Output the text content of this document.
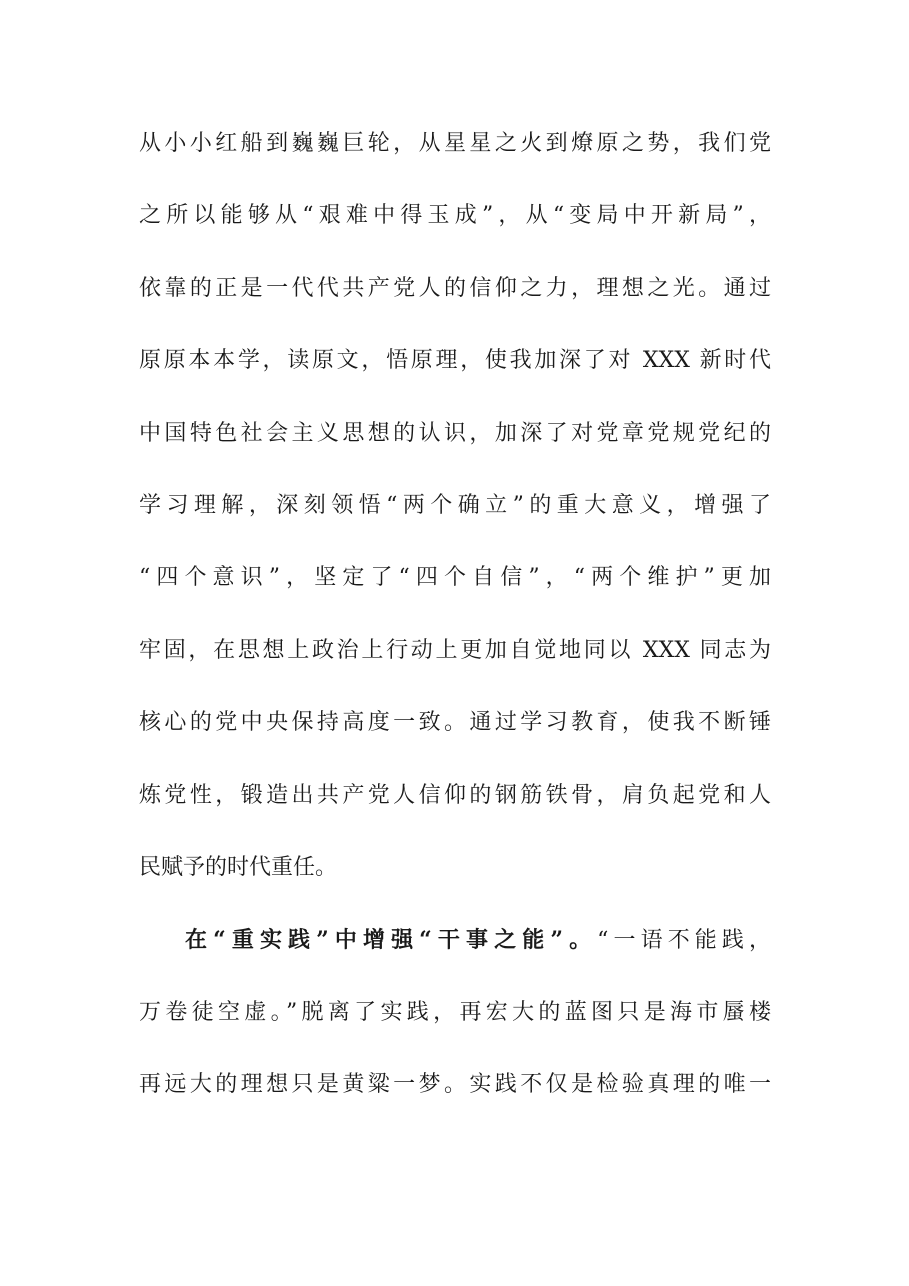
从小小红船到巍巍巨轮，从星星之火到燎原之势，我们党
之所以能够从“艰难中得玉成”，从“变局中开新局”，
依靠的正是一代代共产党人的信仰之力，理想之光。通过
原原本本学，读原文，悟原理，使我加深了对 XXX 新时代
中国特色社会主义思想的认识，加深了对党章党规党纪的
学习理解，深刻领悟“两个确立”的重大意义，增强了
“四个意识”，坚定了“四个自信”，“两个维护”更加
牢固，在思想上政治上行动上更加自觉地同以 XXX 同志为
核心的党中央保持高度一致。通过学习教育，使我不断锤
炼党性，锻造出共产党人信仰的钢筋铁骨，肩负起党和人
民赋予的时代重任。
在“重实践”中增强“干事之能”。“一语不能践，
万卷徒空虚。”脱离了实践，再宏大的蓝图只是海市蜃楼
再远大的理想只是黄粱一梦。实践不仅是检验真理的唯一
